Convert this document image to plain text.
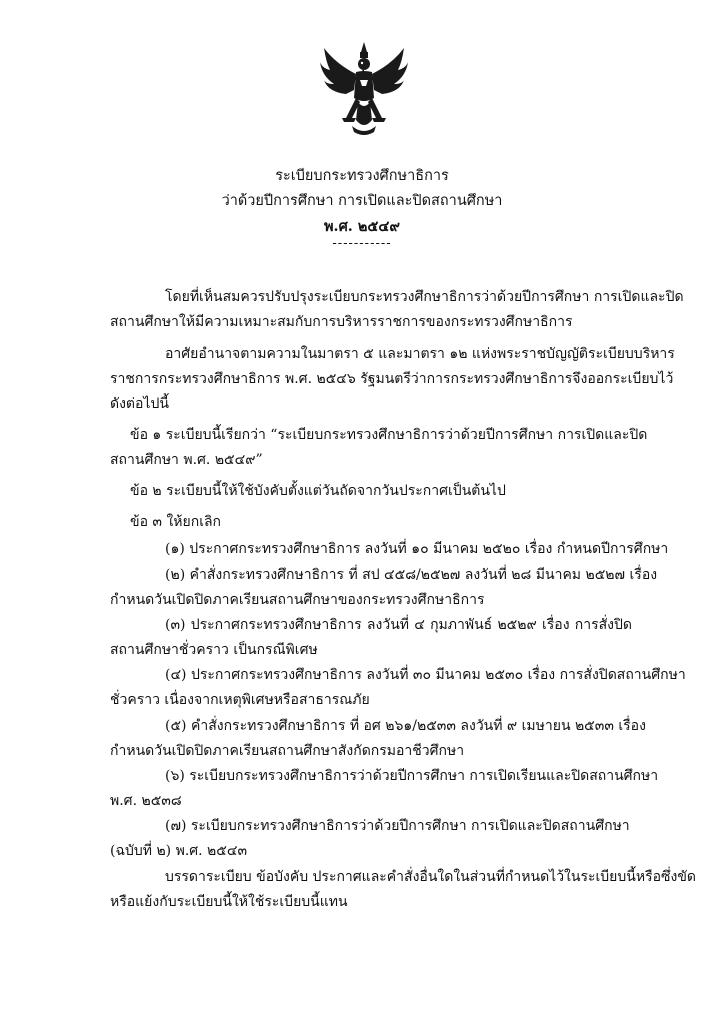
ระเบียบกระทรวงศึกษาธิการ
ว่าด้วยปีการศึกษา การเปิดและปิดสถานศึกษา
พ.ศ. ๒๕๔๙
-----------
โดยที่เห็นสมควรปรับปรุงระเบียบกระทรวงศึกษาธิการว่าด้วยปีการศึกษา การเปิดและปิด
สถานศึกษาให้มีความเหมาะสมกับการบริหารราชการของกระทรวงศึกษาธิการ
อาศัยอำนาจตามความในมาตรา ๕ และมาตรา ๑๒ แห่งพระราชบัญญัติระเบียบบริหาร
ราชการกระทรวงศึกษาธิการ พ.ศ. ๒๕๔๖ รัฐมนตรีว่าการกระทรวงศึกษาธิการจึงออกระเบียบไว้
ดังต่อไปนี้
ข้อ ๑ ระเบียบนี้เรียกว่า “ระเบียบกระทรวงศึกษาธิการว่าด้วยปีการศึกษา การเปิดและปิด
สถานศึกษา พ.ศ. ๒๕๔๙”
ข้อ ๒ ระเบียบนี้ให้ใช้บังคับตั้งแต่วันถัดจากวันประกาศเป็นต้นไป
ข้อ ๓ ให้ยกเลิก
(๑) ประกาศกระทรวงศึกษาธิการ ลงวันที่ ๑๐ มีนาคม ๒๕๒๐ เรื่อง กำหนดปีการศึกษา
(๒) คำสั่งกระทรวงศึกษาธิการ ที่ สป ๔๕๘/๒๕๒๗ ลงวันที่ ๒๘ มีนาคม ๒๕๒๗ เรื่อง
กำหนดวันเปิดปิดภาคเรียนสถานศึกษาของกระทรวงศึกษาธิการ
(๓) ประกาศกระทรวงศึกษาธิการ ลงวันที่ ๔ กุมภาพันธ์ ๒๕๒๙ เรื่อง การสั่งปิด
สถานศึกษาชั่วคราว เป็นกรณีพิเศษ
(๔) ประกาศกระทรวงศึกษาธิการ ลงวันที่ ๓๐ มีนาคม ๒๕๓๐ เรื่อง การสั่งปิดสถานศึกษา
ชั่วคราว เนื่องจากเหตุพิเศษหรือสาธารณภัย
(๕) คำสั่งกระทรวงศึกษาธิการ ที่ อศ ๒๖๑/๒๕๓๓ ลงวันที่ ๙ เมษายน ๒๕๓๓ เรื่อง
กำหนดวันเปิดปิดภาคเรียนสถานศึกษาสังกัดกรมอาชีวศึกษา
(๖) ระเบียบกระทรวงศึกษาธิการว่าด้วยปีการศึกษา การเปิดเรียนและปิดสถานศึกษา
พ.ศ. ๒๕๓๘
(๗) ระเบียบกระทรวงศึกษาธิการว่าด้วยปีการศึกษา การเปิดและปิดสถานศึกษา
(ฉบับที่ ๒) พ.ศ. ๒๕๔๓
บรรดาระเบียบ ข้อบังคับ ประกาศและคำสั่งอื่นใดในส่วนที่กำหนดไว้ในระเบียบนี้หรือซึ่งขัด
หรือแย้งกับระเบียบนี้ให้ใช้ระเบียบนี้แทน
